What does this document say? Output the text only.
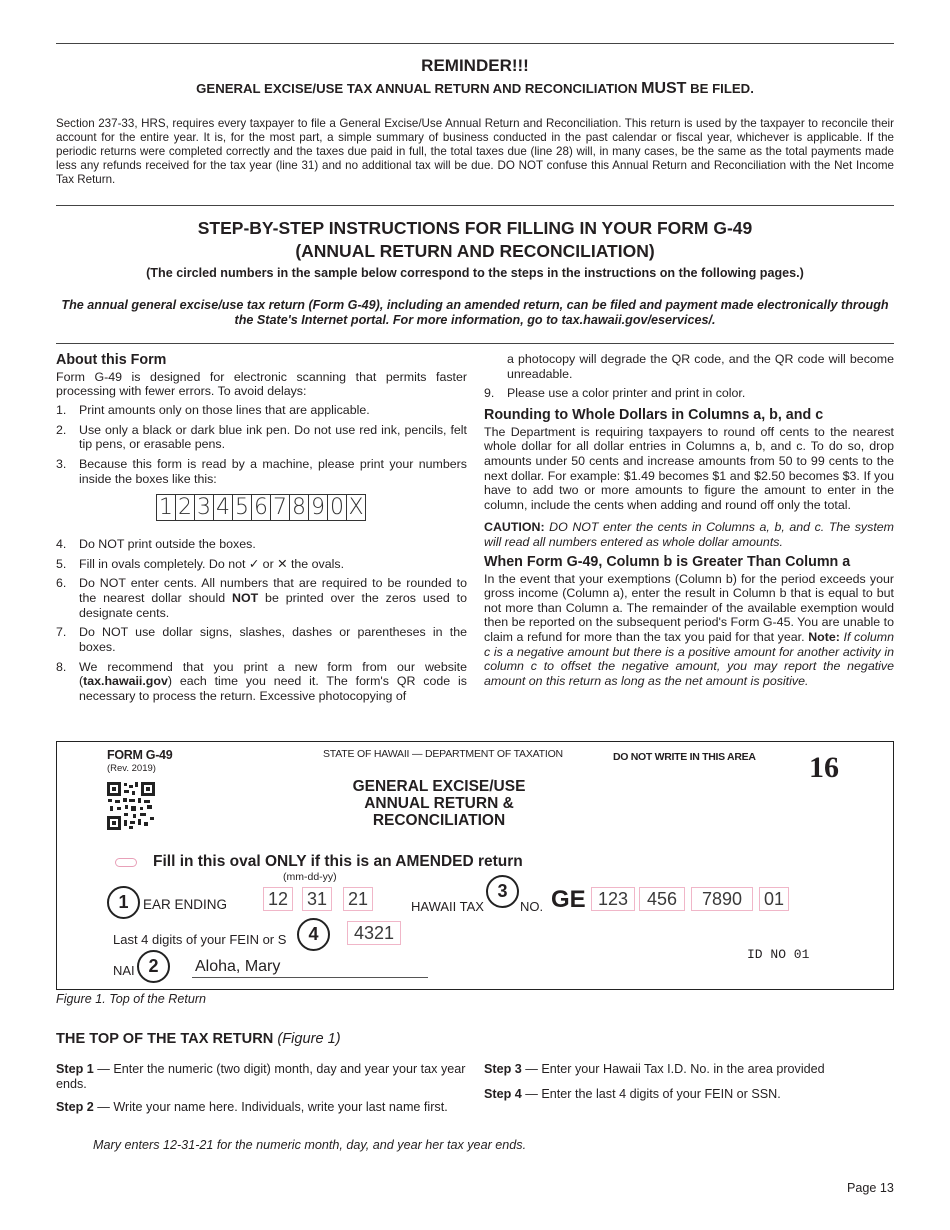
REMINDER!!!
GENERAL EXCISE/USE TAX ANNUAL RETURN AND RECONCILIATION MUST BE FILED.

Section 237-33, HRS, requires every taxpayer to file a General Excise/Use Annual Return and Reconciliation. This return is used by the taxpayer to reconcile their account for the entire year. It is, for the most part, a simple summary of business conducted in the past calendar or fiscal year, whichever is applicable. If the periodic returns were completed correctly and the taxes due paid in full, the total taxes due (line 28) will, in many cases, be the same as the total payments made less any refunds received for the tax year (line 31) and no additional tax will be due. DO NOT confuse this Annual Return and Reconciliation with the Net Income Tax Return.

STEP-BY-STEP INSTRUCTIONS FOR FILLING IN YOUR FORM G-49
(ANNUAL RETURN AND RECONCILIATION)
(The circled numbers in the sample below correspond to the steps in the instructions on the following pages.)
The annual general excise/use tax return (Form G-49), including an amended return, can be filed and payment made electronically through the State's Internet portal. For more information, go to tax.hawaii.gov/eservices/.
About this Form

Form G-49 is designed for electronic scanning that permits faster processing with fewer errors. To avoid delays:

1. Print amounts only on those lines that are applicable.
2. Use only a black or dark blue ink pen. Do not use red ink, pencils, felt tip pens, or erasable pens.
3. Because this form is read by a machine, please print your numbers inside the boxes like this:
1 2 3 4 5 6 7 8 9 0 X
4. Do NOT print outside the boxes.
5. Fill in ovals completely. Do not ✓ or ✕ the ovals.
6. Do NOT enter cents. All numbers that are required to be rounded to the nearest dollar should NOT be printed over the zeros used to designate cents.
7. Do NOT use dollar signs, slashes, dashes or parentheses in the boxes.
8. We recommend that you print a new form from our website (tax.hawaii.gov) each time you need it. The form's QR code is necessary to process the return. Excessive photocopying of
a photocopy will degrade the QR code, and the QR code will become unreadable.
9. Please use a color printer and print in color.
Rounding to Whole Dollars in Columns a, b, and c

The Department is requiring taxpayers to round off cents to the nearest whole dollar for all dollar entries in Columns a, b, and c. To do so, drop amounts under 50 cents and increase amounts from 50 to 99 cents to the next dollar. For example: $1.49 becomes $1 and $2.50 becomes $3. If you have to add two or more amounts to figure the amount to enter in the column, include the cents when adding and round off only the total.

CAUTION: DO NOT enter the cents in Columns a, b, and c. The system will read all numbers entered as whole dollar amounts.

When Form G-49, Column b is Greater Than Column a

In the event that your exemptions (Column b) for the period exceeds your gross income (Column a), enter the result in Column b that is equal to but not more than Column a. The remainder of the available exemption would then be reported on the subsequent period's Form G-45. You are unable to claim a refund for more than the tax you paid for that year. Note: If column c is a negative amount but there is a positive amount for another activity in column c to offset the negative amount, you may report the negative amount on this return as long as the net amount is positive.

FORM G-49
(Rev. 2019)
STATE OF HAWAII — DEPARTMENT OF TAXATION	DO NOT WRITE IN THIS AREA 16
GENERAL EXCISE/USE
ANNUAL RETURN &
RECONCILIATION
Fill in this oval ONLY if this is an AMENDED return
(mm-dd-yy)
1	EAR ENDING 12 31 21	HAWAII TAX	NO.
3	GE 123	456	7890	01
Last 4 digits of your FEIN or S	4	4321
NAI 2	Aloha, Mary
ID NO 01
Figure 1. Top of the Return
THE TOP OF THE TAX RETURN (Figure 1)
Step 1 — Enter the numeric (two digit) month, day and year your tax year ends.
Step 2 — Write your name here. Individuals, write your last name first.
Step 3 — Enter your Hawaii Tax I.D. No. in the area provided
Step 4 — Enter the last 4 digits of your FEIN or SSN.
Mary enters 12-31-21 for the numeric month, day, and year her tax year ends.
Page 13
